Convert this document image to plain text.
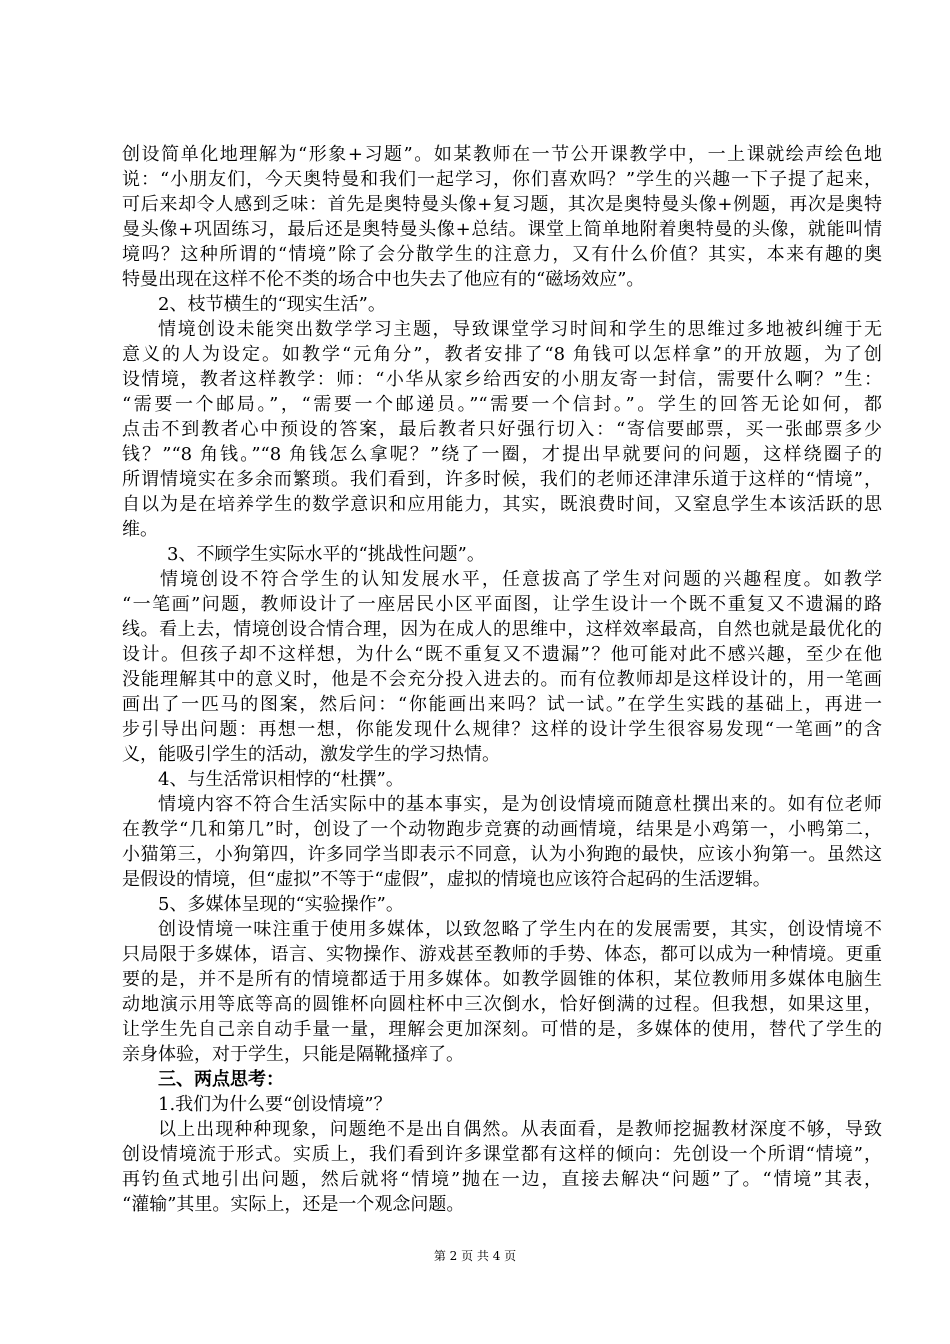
创设简单化地理解为“形象+习题”。如某教师在一节公开课教学中，一上课就绘声绘色地
说：“小朋友们，今天奥特曼和我们一起学习，你们喜欢吗？”学生的兴趣一下子提了起来，
可后来却令人感到乏味：首先是奥特曼头像+复习题，其次是奥特曼头像+例题，再次是奥特
曼头像+巩固练习，最后还是奥特曼头像+总结。课堂上简单地附着奥特曼的头像，就能叫情
境吗？这种所谓的“情境”除了会分散学生的注意力，又有什么价值？其实，本来有趣的奥
特曼出现在这样不伦不类的场合中也失去了他应有的“磁场效应”。
2、枝节横生的“现实生活”。
情境创设未能突出数学学习主题，导致课堂学习时间和学生的思维过多地被纠缠于无
意义的人为设定。如教学“元角分”，教者安排了“8 角钱可以怎样拿”的开放题，为了创
设情境，教者这样教学：师：“小华从家乡给西安的小朋友寄一封信，需要什么啊？”生：
“需要一个邮局。”，“需要一个邮递员。”“需要一个信封。”。学生的回答无论如何，都
点击不到教者心中预设的答案，最后教者只好强行切入：“寄信要邮票，买一张邮票多少
钱？”“8 角钱。”“8 角钱怎么拿呢？”绕了一圈，才提出早就要问的问题，这样绕圈子的
所谓情境实在多余而繁琐。我们看到，许多时候，我们的老师还津津乐道于这样的“情境”，
自以为是在培养学生的数学意识和应用能力，其实，既浪费时间，又窒息学生本该活跃的思
维。
3、不顾学生实际水平的“挑战性问题”。
情境创设不符合学生的认知发展水平，任意拔高了学生对问题的兴趣程度。如教学
“一笔画”问题，教师设计了一座居民小区平面图，让学生设计一个既不重复又不遗漏的路
线。看上去，情境创设合情合理，因为在成人的思维中，这样效率最高，自然也就是最优化的
设计。但孩子却不这样想，为什么“既不重复又不遗漏”？他可能对此不感兴趣，至少在他
没能理解其中的意义时，他是不会充分投入进去的。而有位教师却是这样设计的，用一笔画
画出了一匹马的图案，然后问：“你能画出来吗？试一试。”在学生实践的基础上，再进一
步引导出问题：再想一想，你能发现什么规律？这样的设计学生很容易发现“一笔画”的含
义，能吸引学生的活动，激发学生的学习热情。
4、与生活常识相悖的“杜撰”。
情境内容不符合生活实际中的基本事实，是为创设情境而随意杜撰出来的。如有位老师
在教学“几和第几”时，创设了一个动物跑步竞赛的动画情境，结果是小鸡第一，小鸭第二，
小猫第三，小狗第四，许多同学当即表示不同意，认为小狗跑的最快，应该小狗第一。虽然这
是假设的情境，但“虚拟”不等于“虚假”，虚拟的情境也应该符合起码的生活逻辑。
5、多媒体呈现的“实验操作”。
创设情境一味注重于使用多媒体，以致忽略了学生内在的发展需要，其实，创设情境不
只局限于多媒体，语言、实物操作、游戏甚至教师的手势、体态，都可以成为一种情境。更重
要的是，并不是所有的情境都适于用多媒体。如教学圆锥的体积，某位教师用多媒体电脑生
动地演示用等底等高的圆锥杯向圆柱杯中三次倒水，恰好倒满的过程。但我想，如果这里，
让学生先自己亲自动手量一量，理解会更加深刻。可惜的是，多媒体的使用，替代了学生的
亲身体验，对于学生，只能是隔靴搔痒了。
三、两点思考：
1.我们为什么要“创设情境”？
以上出现种种现象，问题绝不是出自偶然。从表面看，是教师挖掘教材深度不够，导致
创设情境流于形式。实质上，我们看到许多课堂都有这样的倾向：先创设一个所谓“情境”，
再钓鱼式地引出问题，然后就将“情境”抛在一边，直接去解决“问题”了。“情境”其表，
“灌输”其里。实际上，还是一个观念问题。
第 2 页 共 4 页
